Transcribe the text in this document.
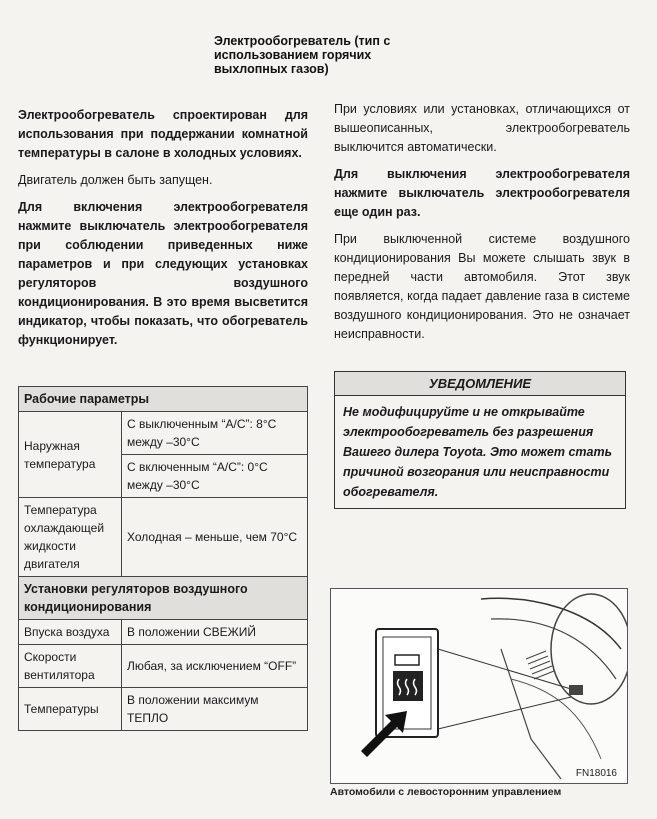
Электрообогреватель (тип с
использованием горячих
выхлопных газов)

Электрообогреватель спроектирован для использования при поддержании комнатной температуры в салоне в холодных условиях.

Двигатель должен быть запущен.

Для включения электрообогревателя нажмите выключатель электрообогревателя при соблюдении приведенных ниже параметров и при следующих установках регуляторов воздушного кондиционирования. В это время высветится индикатор, чтобы показать, что обогреватель функционирует.

Рабочие параметры	
Наружная температура	С выключенным “A/C”: 8°С между –30°С
	С включенным “A/C”: 0°С между –30°С
Температура охлаждающей жидкости двигателя	Холодная – меньше, чем 70°С
Установки регуляторов воздушного кондиционирования	
Впуска воздуха	В положении СВЕЖИЙ
Скорости вентилятора	Любая, за исключением “OFF”
Температуры	В положении максимум ТЕПЛО

При условиях или установках, отличающихся от вышеописанных, электрообогреватель выключится автоматически.

Для выключения электрообогревателя нажмите выключатель электрообогревателя еще один раз.

При выключенной системе воздушного кондиционирования Вы можете слышать звук в передней части автомобиля. Этот звук появляется, когда падает давление газа в системе воздушного кондиционирования. Это не означает неисправности.

УВЕДОМЛЕНИЕ
Не модифицируйте и не открывайте электрообогреватель без разрешения Вашего дилера Toyota. Это может стать причиной возгорания или неисправности обогревателя.
FN18016
Автомобили с левосторонним управлением
